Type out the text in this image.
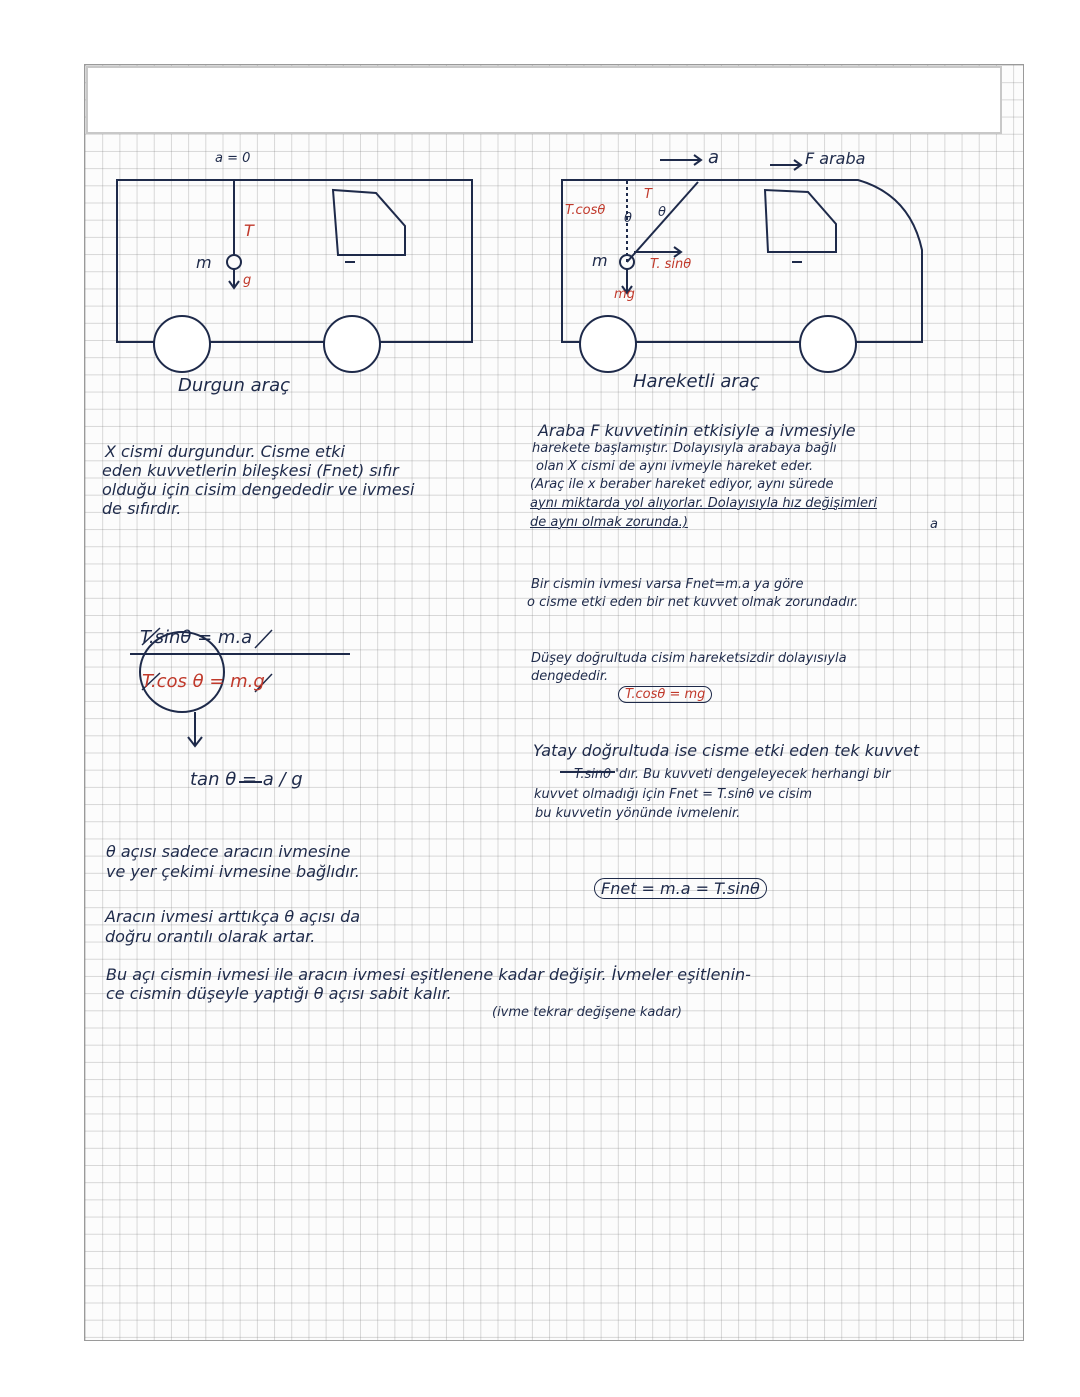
a = 0
T
m
g
Durgun araç
a	F araba
T.cosθ
T
θ θ
m	T. sinθ
mg
Hareketli araç
X cismi durgundur. Cisme etki
eden kuvvetlerin bileşkesi (Fnet) sıfır
olduğu için cisim dengededir ve ivmesi
de sıfırdır.
T.sinθ = m.a
T.cos θ = m.g
tan θ = a / g
θ açısı sadece aracın ivmesine
ve yer çekimi ivmesine bağlıdır.
Araba F kuvvetinin etkisiyle a ivmesiyle
harekete başlamıştır. Dolayısıyla arabaya bağlı
olan X cismi de aynı ivmeyle hareket eder.
(Araç ile x beraber hareket ediyor, aynı sürede
aynı miktarda yol alıyorlar. Dolayısıyla hız değişimleri
de aynı olmak zorunda.)	a
Bir cismin ivmesi varsa Fnet=m.a ya göre
o cisme etki eden bir net kuvvet olmak zorundadır.
Düşey doğrultuda cisim hareketsizdir dolayısıyla
dengededir.
T.cosθ = mg
Yatay doğrultuda ise cisme etki eden tek kuvvet
T.sinθ 'dır. Bu kuvveti dengeleyecek herhangi bir
kuvvet olmadığı için Fnet = T.sinθ ve cisim
bu kuvvetin yönünde ivmelenir.
Fnet = m.a = T.sinθ
Aracın ivmesi arttıkça θ açısı da
doğru orantılı olarak artar.
Bu açı cismin ivmesi ile aracın ivmesi eşitlenene kadar değişir. İvmeler eşitlenin-
ce cismin düşeyle yaptığı θ açısı sabit kalır.
(ivme tekrar değişene kadar)
